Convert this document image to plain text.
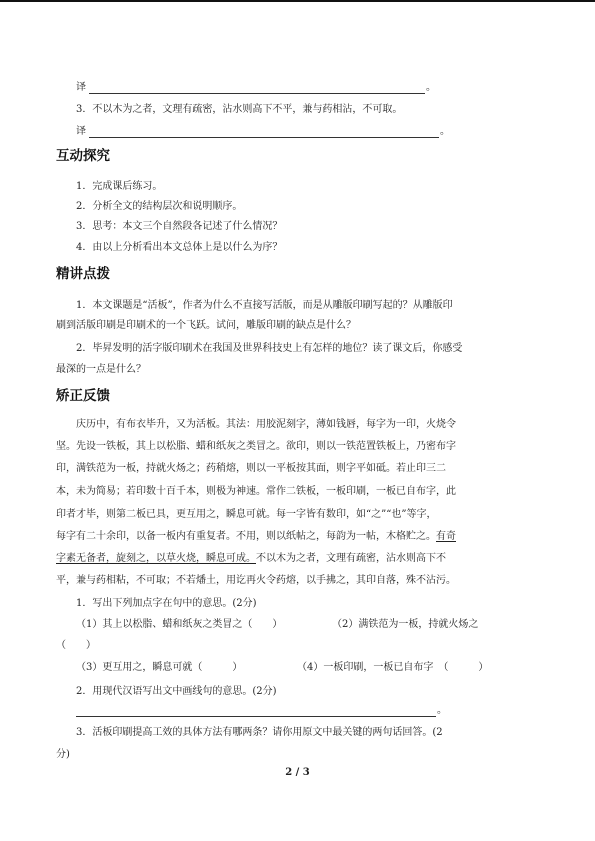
译	。
3．不以木为之者，文理有疏密，沾水则高下不平，兼与药相沾，不可取。
译	。
互动探究
1．完成课后练习。
2．分析全文的结构层次和说明顺序。
3．思考：本文三个自然段各记述了什么情况？
4．由以上分析看出本文总体上是以什么为序？
精讲点拨
1．本文课题是“活板”，作者为什么不直接写活版，而是从雕版印刷写起的？从雕版印
刷到活版印刷是印刷术的一个飞跃。试问，雕版印刷的缺点是什么？
2．毕昇发明的活字版印刷术在我国及世界科技史上有怎样的地位？读了课文后，你感受
最深的一点是什么？
矫正反馈
庆历中，有布衣毕升，又为活板。其法：用胶泥刻字，薄如钱唇，每字为一印，火烧令
坚。先设一铁板，其上以松脂、蜡和纸灰之类冒之。欲印，则以一铁范置铁板上，乃密布字
印，满铁范为一板，持就火炀之；药稍熔，则以一平板按其面，则字平如砥。若止印三二
本，未为简易；若印数十百千本，则极为神速。常作二铁板，一板印刷，一板已自布字，此
印者才毕，则第二板已具，更互用之，瞬息可就。每一字皆有数印，如“之”“也”等字，
每字有二十余印，以备一板内有重复者。不用，则以纸帖之，每韵为一帖，木格贮之。有奇
字素无备者，旋刻之，以草火烧，瞬息可成。不以木为之者，文理有疏密，沾水则高下不
平，兼与药相粘，不可取；不若燔土，用讫再火令药熔，以手拂之，其印自落，殊不沾污。
1．写出下列加点字在句中的意思。(2分)
（1）其上以松脂、蜡和纸灰之类冒之（　　）	（2）满铁范为一板，持就火炀之
（　　）
（3）更互用之，瞬息可就（　　　）	（4）一板印刷，一板已自布字　（　　　）
2．用现代汉语写出文中画线句的意思。(2分)
。
3．活板印刷提高工效的具体方法有哪两条？请你用原文中最关键的两句话回答。(2
分)
2 / 3
